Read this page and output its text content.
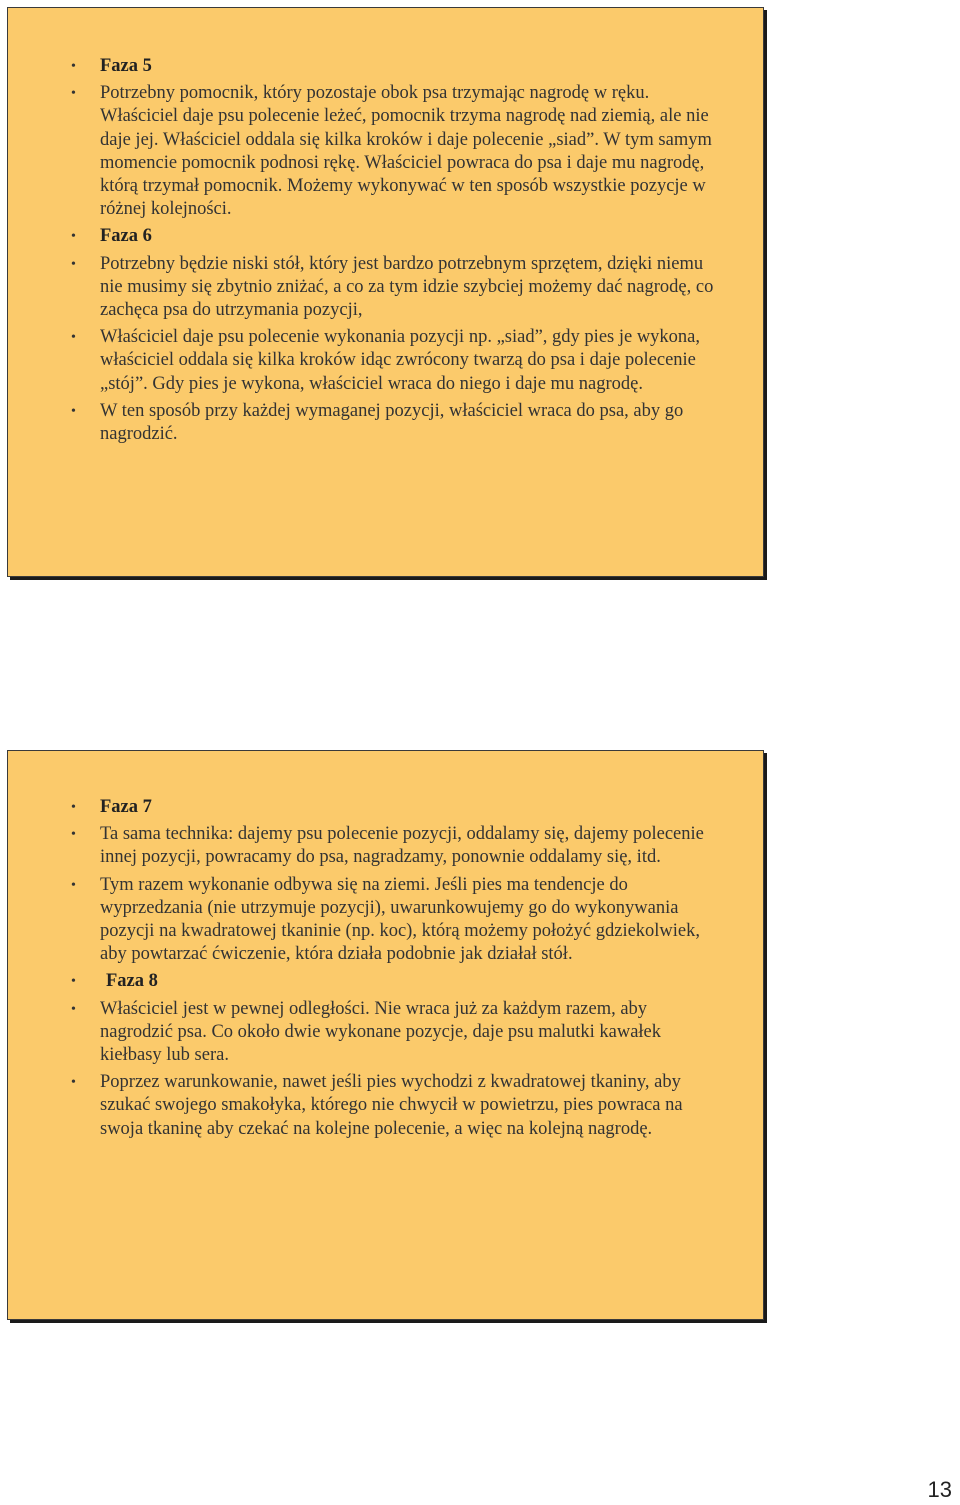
• Faza 5
• Potrzebny pomocnik, który pozostaje obok psa trzymając nagrodę w ręku. Właściciel daje psu polecenie leżeć, pomocnik trzyma nagrodę nad ziemią, ale nie daje jej. Właściciel oddala się kilka kroków i daje polecenie „siad”. W tym samym momencie pomocnik podnosi rękę. Właściciel powraca do psa i daje mu nagrodę, którą trzymał pomocnik. Możemy wykonywać w ten sposób wszystkie pozycje w różnej kolejności.
• Faza 6
• Potrzebny będzie niski stół, który jest bardzo potrzebnym sprzętem, dzięki niemu nie musimy się zbytnio zniżać, a co za tym idzie szybciej możemy dać nagrodę, co zachęca psa do utrzymania pozycji,
• Właściciel daje psu polecenie wykonania pozycji np. „siad”, gdy pies je wykona, właściciel oddala się kilka kroków idąc zwrócony twarzą do psa i daje polecenie „stój”. Gdy pies je wykona, właściciel wraca do niego i daje mu nagrodę.
• W ten sposób przy każdej wymaganej pozycji, właściciel wraca do psa, aby go nagrodzić.
• Faza 7
• Ta sama technika: dajemy psu polecenie pozycji, oddalamy się, dajemy polecenie innej pozycji, powracamy do psa, nagradzamy, ponownie oddalamy się, itd.
• Tym razem wykonanie odbywa się na ziemi. Jeśli pies ma tendencje do wyprzedzania (nie utrzymuje pozycji), uwarunkowujemy go do wykonywania pozycji na kwadratowej tkaninie (np. koc), którą możemy położyć gdziekolwiek, aby powtarzać ćwiczenie, która działa podobnie jak działał stół.
• Faza 8
• Właściciel jest w pewnej odległości. Nie wraca już za każdym razem, aby nagrodzić psa. Co około dwie wykonane pozycje, daje psu malutki kawałek kiełbasy lub sera.
• Poprzez warunkowanie, nawet jeśli pies wychodzi z kwadratowej tkaniny, aby szukać swojego smakołyka, którego nie chwycił w powietrzu, pies powraca na swoja tkaninę aby czekać na kolejne polecenie, a więc na kolejną nagrodę.
13
